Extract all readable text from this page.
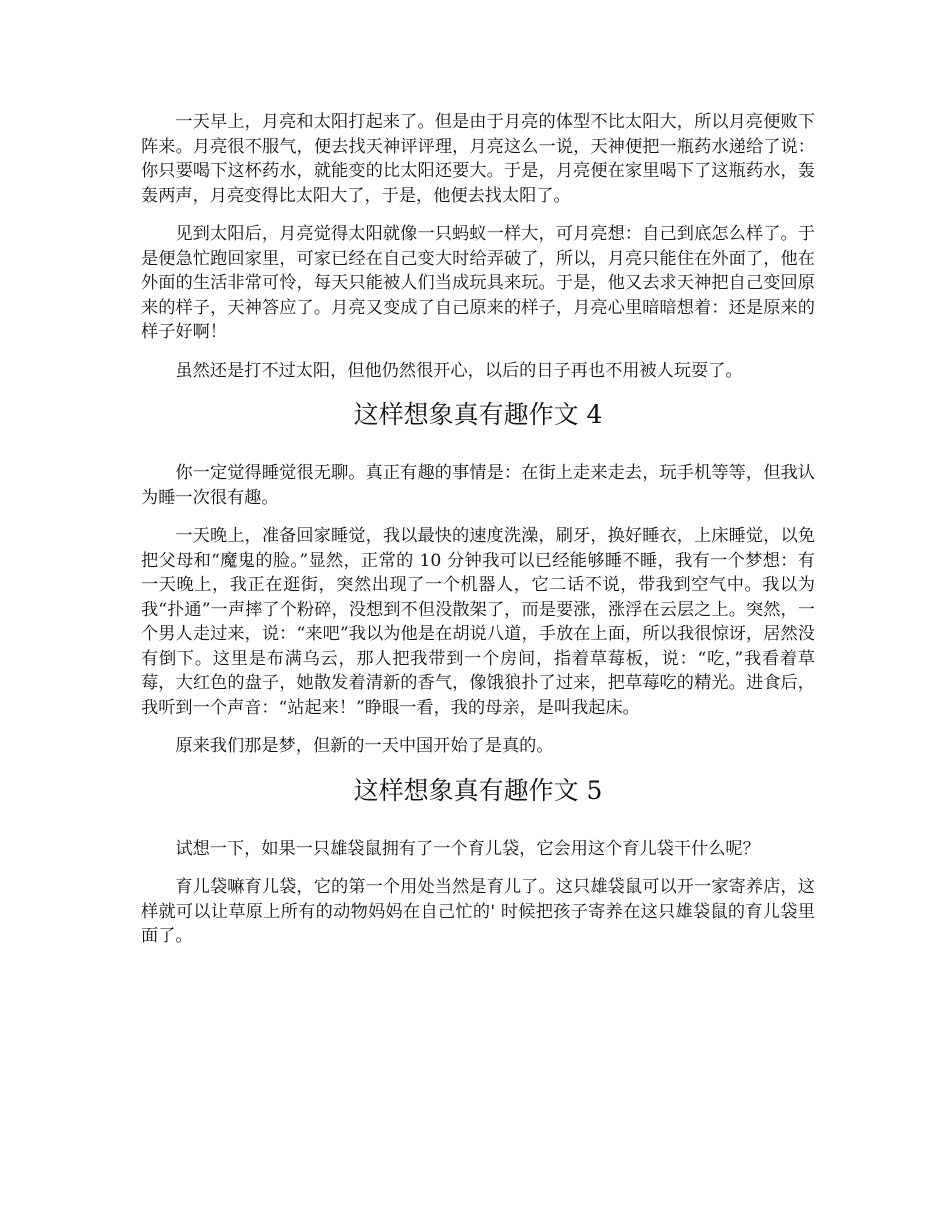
一天早上，月亮和太阳打起来了。但是由于月亮的体型不比太阳大，所以月亮便败下阵来。月亮很不服气，便去找天神评评理，月亮这么一说，天神便把一瓶药水递给了说：你只要喝下这杯药水，就能变的比太阳还要大。于是，月亮便在家里喝下了这瓶药水，轰轰两声，月亮变得比太阳大了，于是，他便去找太阳了。

见到太阳后，月亮觉得太阳就像一只蚂蚁一样大，可月亮想：自己到底怎么样了。于是便急忙跑回家里，可家已经在自己变大时给弄破了，所以，月亮只能住在外面了，他在外面的生活非常可怜，每天只能被人们当成玩具来玩。于是，他又去求天神把自己变回原来的样子，天神答应了。月亮又变成了自己原来的样子，月亮心里暗暗想着：还是原来的样子好啊！

虽然还是打不过太阳，但他仍然很开心，以后的日子再也不用被人玩耍了。

这样想象真有趣作文 4

你一定觉得睡觉很无聊。真正有趣的事情是：在街上走来走去，玩手机等等，但我认为睡一次很有趣。

一天晚上，准备回家睡觉，我以最快的速度洗澡，刷牙，换好睡衣，上床睡觉，以免把父母和“魔鬼的脸。”显然，正常的 10 分钟我可以已经能够睡不睡，我有一个梦想：有一天晚上，我正在逛街，突然出现了一个机器人，它二话不说，带我到空气中。我以为我“扑通”一声摔了个粉碎，没想到不但没散架了，而是要涨，涨浮在云层之上。突然，一个男人走过来，说：“来吧”我以为他是在胡说八道，手放在上面，所以我很惊讶，居然没有倒下。这里是布满乌云，那人把我带到一个房间，指着草莓板，说：“吃，”我看着草莓，大红色的盘子，她散发着清新的香气，像饿狼扑了过来，把草莓吃的精光。进食后，我听到一个声音：“站起来！”睁眼一看，我的母亲，是叫我起床。

原来我们那是梦，但新的一天中国开始了是真的。

这样想象真有趣作文 5

试想一下，如果一只雄袋鼠拥有了一个育儿袋，它会用这个育儿袋干什么呢？

育儿袋嘛育儿袋，它的第一个用处当然是育儿了。这只雄袋鼠可以开一家寄养店，这样就可以让草原上所有的动物妈妈在自己忙的' 时候把孩子寄养在这只雄袋鼠的育儿袋里面了。
